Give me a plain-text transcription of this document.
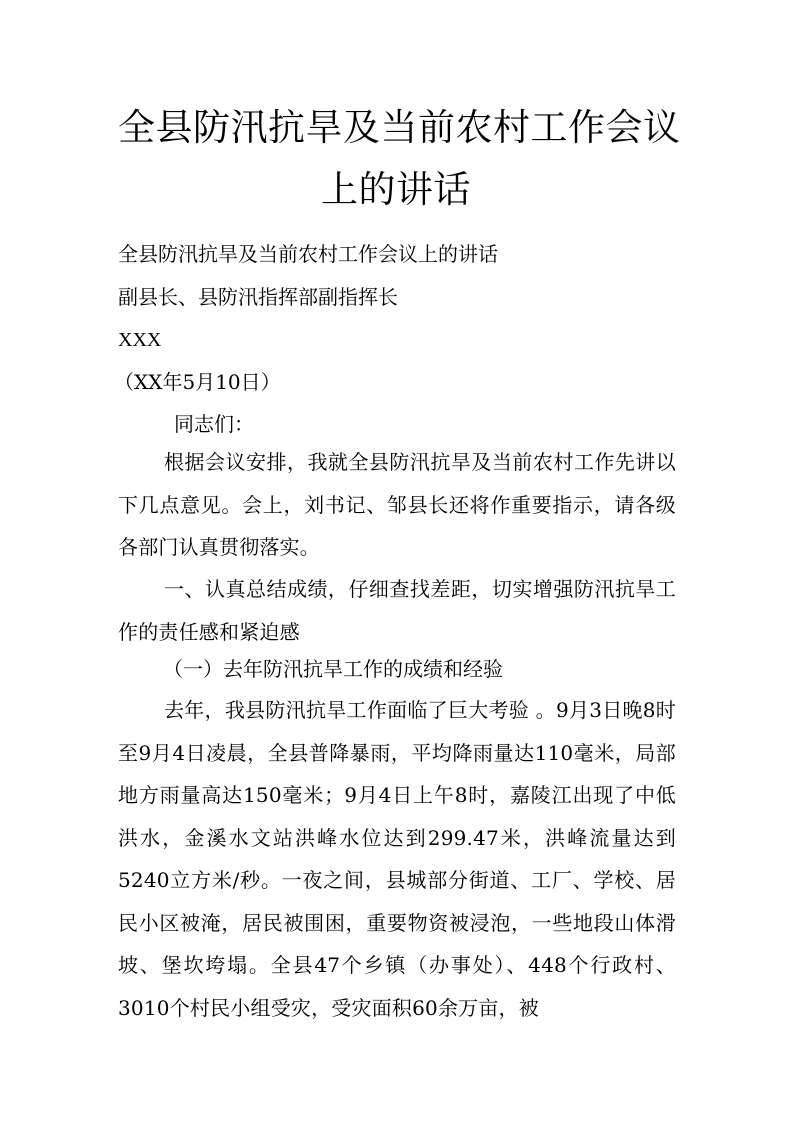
全县防汛抗旱及当前农村工作会议
上的讲话
全县防汛抗旱及当前农村工作会议上的讲话
副县长、县防汛指挥部副指挥长
XXX
（XX年5月10日）
同志们：
根据会议安排，我就全县防汛抗旱及当前农村工作先讲以下几点意见。会上，刘书记、邹县长还将作重要指示，请各级各部门认真贯彻落实。
一、认真总结成绩，仔细查找差距，切实增强防汛抗旱工作的责任感和紧迫感
（一）去年防汛抗旱工作的成绩和经验
去年，我县防汛抗旱工作面临了巨大考验 。9月3日晚8时至9月4日凌晨，全县普降暴雨，平均降雨量达110毫米，局部地方雨量高达150毫米；9月4日上午8时，嘉陵江出现了中低洪水，金溪水文站洪峰水位达到299.47米，洪峰流量达到5240立方米/秒。一夜之间，县城部分街道、工厂、学校、居民小区被淹，居民被围困，重要物资被浸泡，一些地段山体滑坡、堡坎垮塌。全县47个乡镇（办事处）、448个行政村、3010个村民小组受灾，受灾面积60余万亩，被
